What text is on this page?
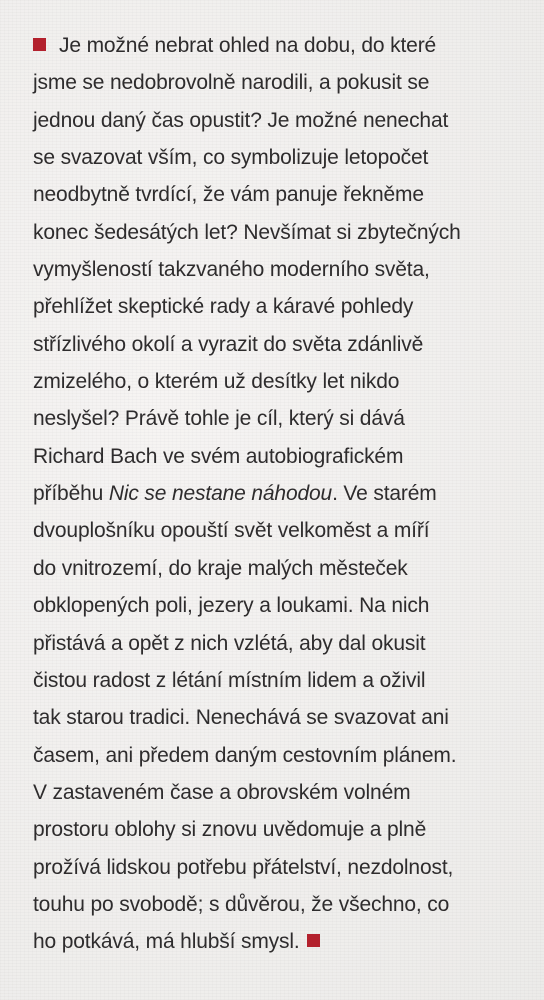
Je možné nebrat ohled na dobu, do které
jsme se nedobrovolně narodili, a pokusit se
jednou daný čas opustit? Je možné nenechat
se svazovat vším, co symbolizuje letopočet
neodbytně tvrdící, že vám panuje řekněme
konec šedesátých let? Nevšímat si zbytečných
vymyšleností takzvaného moderního světa,
přehlížet skeptické rady a káravé pohledy
střízlivého okolí a vyrazit do světa zdánlivě
zmizelého, o kterém už desítky let nikdo
neslyšel? Právě tohle je cíl, který si dává
Richard Bach ve svém autobiografickém
příběhu Nic se nestane náhodou. Ve starém
dvouplošníku opouští svět velkoměst a míří
do vnitrozemí, do kraje malých městeček
obklopených poli, jezery a loukami. Na nich
přistává a opět z nich vzlétá, aby dal okusit
čistou radost z létání místním lidem a oživil
tak starou tradici. Nenechává se svazovat ani
časem, ani předem daným cestovním plánem.
V zastaveném čase a obrovském volném
prostoru oblohy si znovu uvědomuje a plně
prožívá lidskou potřebu přátelství, nezdolnost,
touhu po svobodě; s důvěrou, že všechno, co
ho potkává, má hlubší smysl.
